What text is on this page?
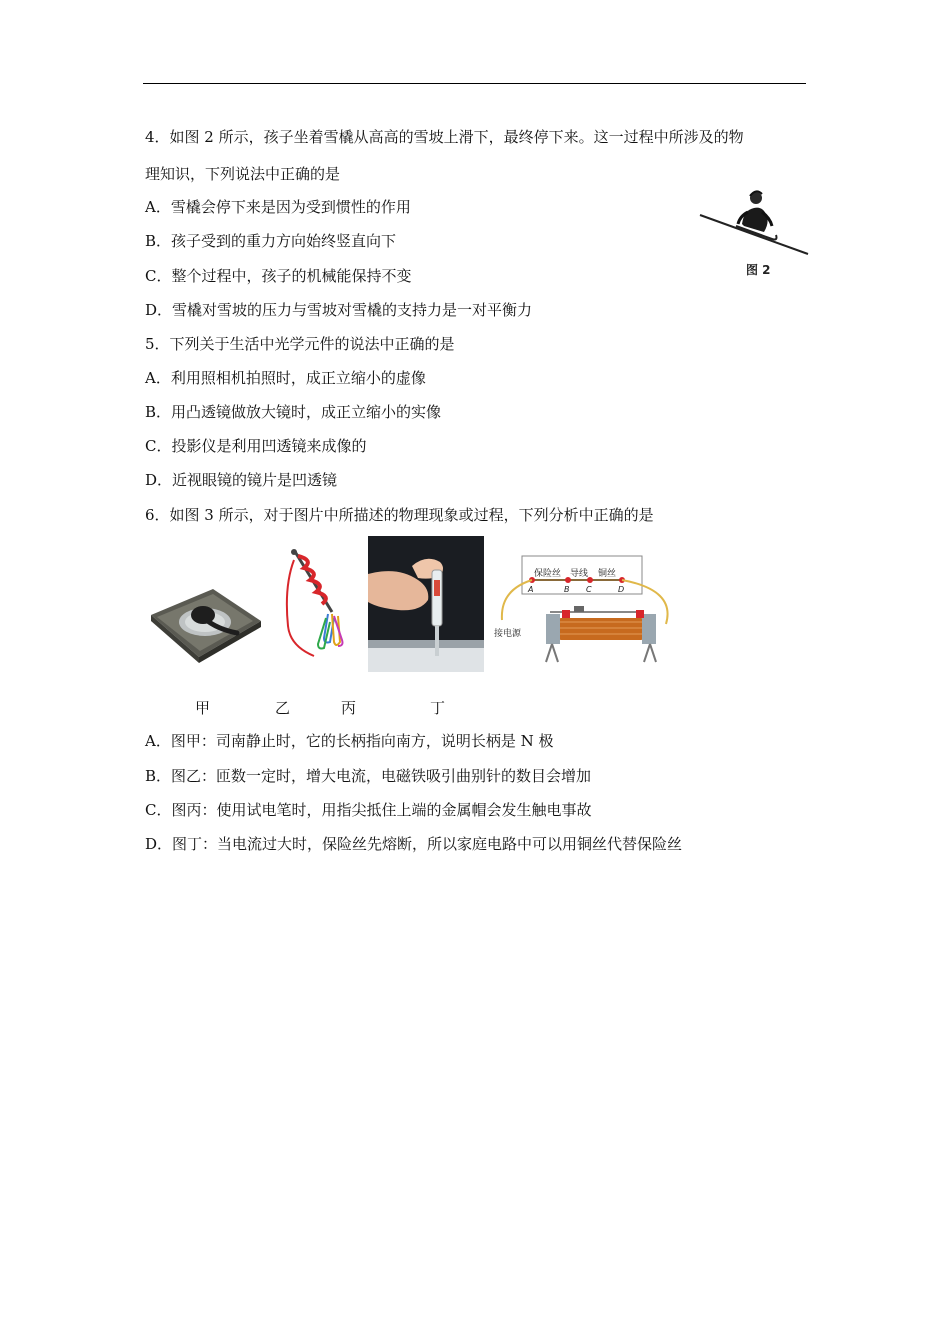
4．如图 2 所示，孩子坐着雪橇从高高的雪坡上滑下，最终停下来。这一过程中所涉及的物
理知识，下列说法中正确的是
A．雪橇会停下来是因为受到惯性的作用
B．孩子受到的重力方向始终竖直向下
C．整个过程中，孩子的机械能保持不变
D．雪橇对雪坡的压力与雪坡对雪橇的支持力是一对平衡力
图 2
5．下列关于生活中光学元件的说法中正确的是
A．利用照相机拍照时，成正立缩小的虚像
B．用凸透镜做放大镜时，成正立缩小的实像
C．投影仪是利用凹透镜来成像的
D．近视眼镜的镜片是凹透镜
6．如图 3 所示，对于图片中所描述的物理现象或过程，下列分析中正确的是
保险丝 导线 铜丝
A	B C	D
接电源
甲	乙	丙	丁
A．图甲：司南静止时，它的长柄指向南方，说明长柄是 N 极
B．图乙：匝数一定时，增大电流，电磁铁吸引曲别针的数目会增加
C．图丙：使用试电笔时，用指尖抵住上端的金属帽会发生触电事故
D．图丁：当电流过大时，保险丝先熔断，所以家庭电路中可以用铜丝代替保险丝
